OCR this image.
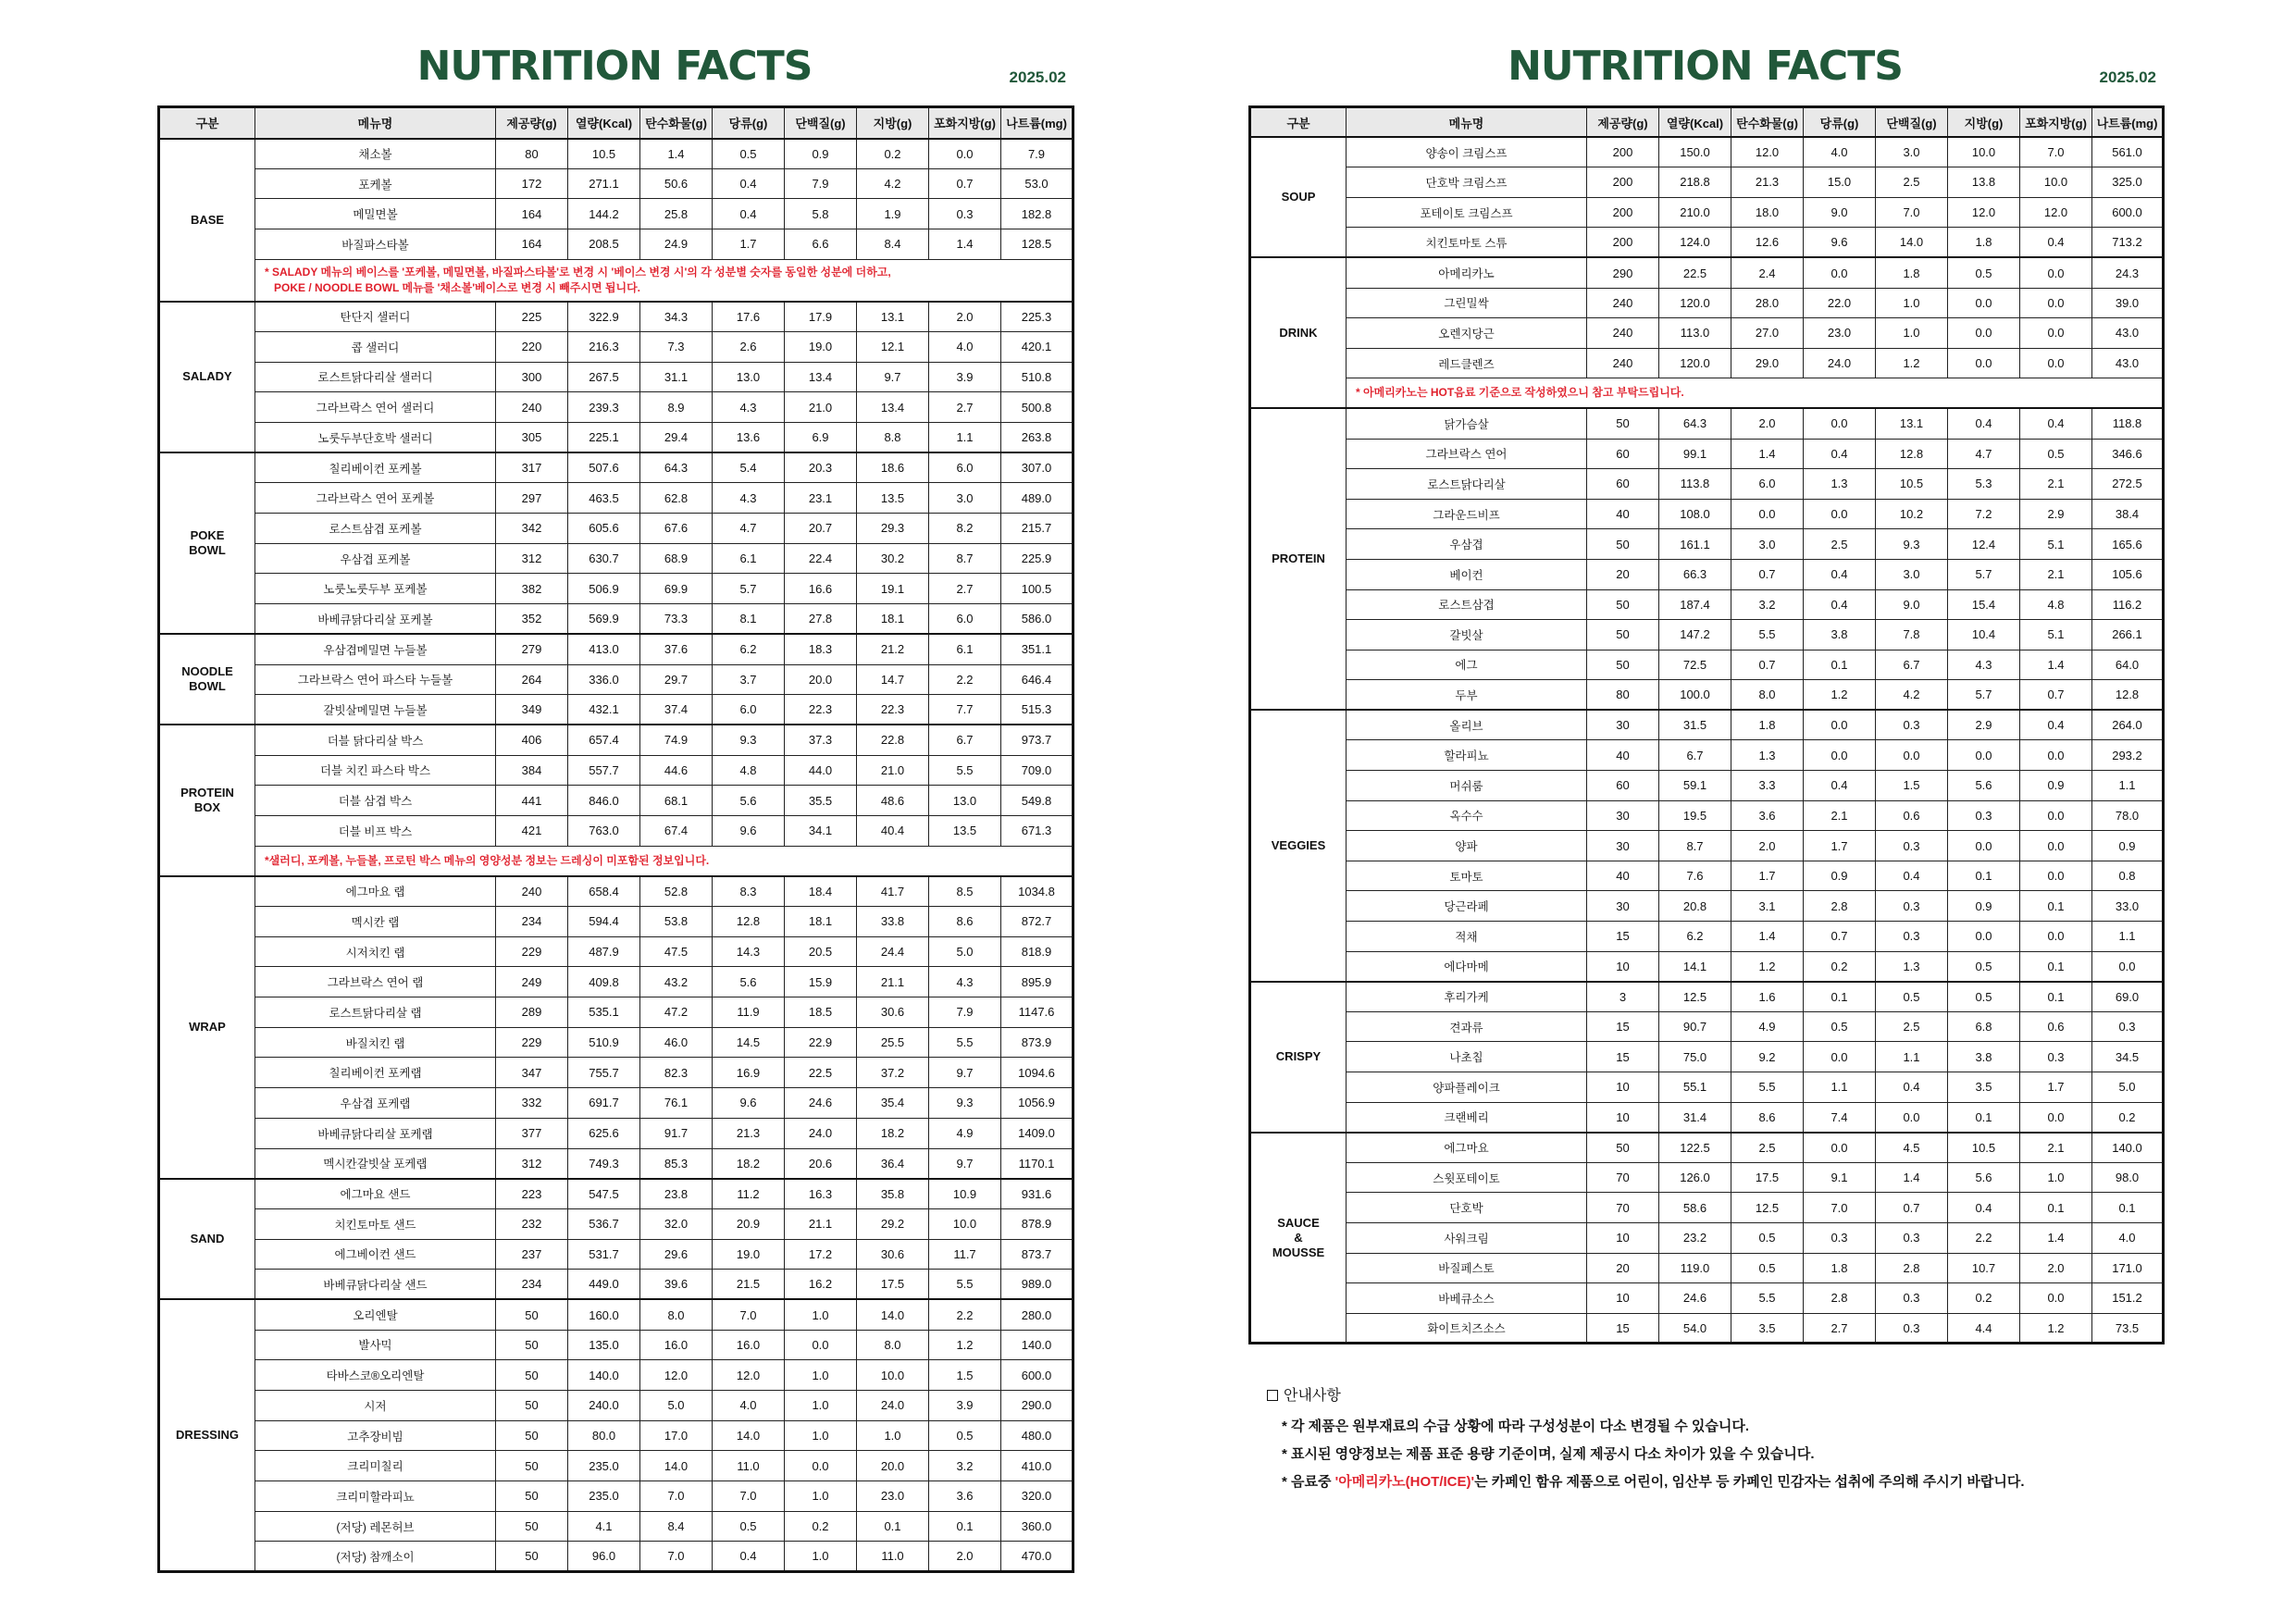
NUTRITION FACTS	2025.02
구분	메뉴명	제공량(g)	열량(Kcal)	탄수화물(g)	당류(g)	단백질(g)	지방(g)	포화지방(g)	나트륨(mg)
BASE	채소볼	80	10.5	1.4	0.5	0.9	0.2	0.0	7.9
	포케볼	172	271.1	50.6	0.4	7.9	4.2	0.7	53.0
	메밀면볼	164	144.2	25.8	0.4	5.8	1.9	0.3	182.8
	바질파스타볼	164	208.5	24.9	1.7	6.6	8.4	1.4	128.5
	* SALADY 메뉴의 베이스를 '포케볼, 메밀면볼, 바질파스타볼'로 변경 시 '베이스 변경 시'의 각 성분별 숫자를 동일한 성분에 더하고,
POKE / NOODLE BOWL 메뉴를 '채소볼'베이스로 변경 시 빼주시면 됩니다.								
SALADY	탄단지 샐러디	225	322.9	34.3	17.6	17.9	13.1	2.0	225.3
	콥 샐러디	220	216.3	7.3	2.6	19.0	12.1	4.0	420.1
	로스트닭다리살 샐러디	300	267.5	31.1	13.0	13.4	9.7	3.9	510.8
	그라브락스 연어 샐러디	240	239.3	8.9	4.3	21.0	13.4	2.7	500.8
	노룻두부단호박 샐러디	305	225.1	29.4	13.6	6.9	8.8	1.1	263.8
POKE
BOWL	칠리베이컨 포케볼	317	507.6	64.3	5.4	20.3	18.6	6.0	307.0
	그라브락스 연어 포케볼	297	463.5	62.8	4.3	23.1	13.5	3.0	489.0
	로스트삼겹 포케볼	342	605.6	67.6	4.7	20.7	29.3	8.2	215.7
	우삼겹 포케볼	312	630.7	68.9	6.1	22.4	30.2	8.7	225.9
	노룻노룻두부 포케볼	382	506.9	69.9	5.7	16.6	19.1	2.7	100.5
	바베큐닭다리살 포케볼	352	569.9	73.3	8.1	27.8	18.1	6.0	586.0
NOODLE
BOWL	우삼겹메밀면 누들볼	279	413.0	37.6	6.2	18.3	21.2	6.1	351.1
	그라브락스 연어 파스타 누들볼	264	336.0	29.7	3.7	20.0	14.7	2.2	646.4
	갈빗살메밀면 누들볼	349	432.1	37.4	6.0	22.3	22.3	7.7	515.3
PROTEIN
BOX	더블 닭다리살 박스	406	657.4	74.9	9.3	37.3	22.8	6.7	973.7
	더블 치킨 파스타 박스	384	557.7	44.6	4.8	44.0	21.0	5.5	709.0
	더블 삼겹 박스	441	846.0	68.1	5.6	35.5	48.6	13.0	549.8
	더블 비프 박스	421	763.0	67.4	9.6	34.1	40.4	13.5	671.3
	*샐러디, 포케볼, 누들볼, 프로틴 박스 메뉴의 영양성분 정보는 드레싱이 미포함된 정보입니다.								
WRAP	에그마요 랩	240	658.4	52.8	8.3	18.4	41.7	8.5	1034.8
	멕시칸 랩	234	594.4	53.8	12.8	18.1	33.8	8.6	872.7
	시저치킨 랩	229	487.9	47.5	14.3	20.5	24.4	5.0	818.9
	그라브락스 연어 랩	249	409.8	43.2	5.6	15.9	21.1	4.3	895.9
	로스트닭다리살 랩	289	535.1	47.2	11.9	18.5	30.6	7.9	1147.6
	바질치킨 랩	229	510.9	46.0	14.5	22.9	25.5	5.5	873.9
	칠리베이컨 포케랩	347	755.7	82.3	16.9	22.5	37.2	9.7	1094.6
	우삼겹 포케랩	332	691.7	76.1	9.6	24.6	35.4	9.3	1056.9
	바베큐닭다리살 포케랩	377	625.6	91.7	21.3	24.0	18.2	4.9	1409.0
	멕시칸갈빗살 포케랩	312	749.3	85.3	18.2	20.6	36.4	9.7	1170.1
SAND	에그마요 샌드	223	547.5	23.8	11.2	16.3	35.8	10.9	931.6
	치킨토마토 샌드	232	536.7	32.0	20.9	21.1	29.2	10.0	878.9
	에그베이컨 샌드	237	531.7	29.6	19.0	17.2	30.6	11.7	873.7
	바베큐닭다리살 샌드	234	449.0	39.6	21.5	16.2	17.5	5.5	989.0
DRESSING	오리엔탈	50	160.0	8.0	7.0	1.0	14.0	2.2	280.0
	발사믹	50	135.0	16.0	16.0	0.0	8.0	1.2	140.0
	타바스코®오리엔탈	50	140.0	12.0	12.0	1.0	10.0	1.5	600.0
	시저	50	240.0	5.0	4.0	1.0	24.0	3.9	290.0
	고추장비빔	50	80.0	17.0	14.0	1.0	1.0	0.5	480.0
	크리미칠리	50	235.0	14.0	11.0	0.0	20.0	3.2	410.0
	크리미할라피뇨	50	235.0	7.0	7.0	1.0	23.0	3.6	320.0
	(저당) 레몬허브	50	4.1	8.4	0.5	0.2	0.1	0.1	360.0
	(저당) 참깨소이	50	96.0	7.0	0.4	1.0	11.0	2.0	470.0
NUTRITION FACTS	2025.02
구분	메뉴명	제공량(g)	열량(Kcal)	탄수화물(g)	당류(g)	단백질(g)	지방(g)	포화지방(g)	나트륨(mg)
SOUP	양송이 크림스프	200	150.0	12.0	4.0	3.0	10.0	7.0	561.0
	단호박 크림스프	200	218.8	21.3	15.0	2.5	13.8	10.0	325.0
	포테이토 크림스프	200	210.0	18.0	9.0	7.0	12.0	12.0	600.0
	치킨토마토 스튜	200	124.0	12.6	9.6	14.0	1.8	0.4	713.2
DRINK	아메리카노	290	22.5	2.4	0.0	1.8	0.5	0.0	24.3
	그린밀싹	240	120.0	28.0	22.0	1.0	0.0	0.0	39.0
	오렌지당근	240	113.0	27.0	23.0	1.0	0.0	0.0	43.0
	레드클렌즈	240	120.0	29.0	24.0	1.2	0.0	0.0	43.0
	* 아메리카노는 HOT음료 기준으로 작성하였으니 참고 부탁드립니다.								
PROTEIN	닭가슴살	50	64.3	2.0	0.0	13.1	0.4	0.4	118.8
	그라브락스 연어	60	99.1	1.4	0.4	12.8	4.7	0.5	346.6
	로스트닭다리살	60	113.8	6.0	1.3	10.5	5.3	2.1	272.5
	그라운드비프	40	108.0	0.0	0.0	10.2	7.2	2.9	38.4
	우삼겹	50	161.1	3.0	2.5	9.3	12.4	5.1	165.6
	베이컨	20	66.3	0.7	0.4	3.0	5.7	2.1	105.6
	로스트삼겹	50	187.4	3.2	0.4	9.0	15.4	4.8	116.2
	갈빗살	50	147.2	5.5	3.8	7.8	10.4	5.1	266.1
	에그	50	72.5	0.7	0.1	6.7	4.3	1.4	64.0
	두부	80	100.0	8.0	1.2	4.2	5.7	0.7	12.8
VEGGIES	올리브	30	31.5	1.8	0.0	0.3	2.9	0.4	264.0
	할라피뇨	40	6.7	1.3	0.0	0.0	0.0	0.0	293.2
	머쉬룸	60	59.1	3.3	0.4	1.5	5.6	0.9	1.1
	옥수수	30	19.5	3.6	2.1	0.6	0.3	0.0	78.0
	양파	30	8.7	2.0	1.7	0.3	0.0	0.0	0.9
	토마토	40	7.6	1.7	0.9	0.4	0.1	0.0	0.8
	당근라페	30	20.8	3.1	2.8	0.3	0.9	0.1	33.0
	적채	15	6.2	1.4	0.7	0.3	0.0	0.0	1.1
	에다마메	10	14.1	1.2	0.2	1.3	0.5	0.1	0.0
CRISPY	후리가케	3	12.5	1.6	0.1	0.5	0.5	0.1	69.0
	견과류	15	90.7	4.9	0.5	2.5	6.8	0.6	0.3
	나초칩	15	75.0	9.2	0.0	1.1	3.8	0.3	34.5
	양파플레이크	10	55.1	5.5	1.1	0.4	3.5	1.7	5.0
	크랜베리	10	31.4	8.6	7.4	0.0	0.1	0.0	0.2
SAUCE
&
MOUSSE	에그마요	50	122.5	2.5	0.0	4.5	10.5	2.1	140.0
	스윗포테이토	70	126.0	17.5	9.1	1.4	5.6	1.0	98.0
	단호박	70	58.6	12.5	7.0	0.7	0.4	0.1	0.1
	사워크림	10	23.2	0.5	0.3	0.3	2.2	1.4	4.0
	바질페스토	20	119.0	0.5	1.8	2.8	10.7	2.0	171.0
	바베큐소스	10	24.6	5.5	2.8	0.3	0.2	0.0	151.2
	화이트치즈소스	15	54.0	3.5	2.7	0.3	4.4	1.2	73.5
안내사항
* 각 제품은 원부재료의 수급 상황에 따라 구성성분이 다소 변경될 수 있습니다.
* 표시된 영양정보는 제품 표준 용량 기준이며, 실제 제공시 다소 차이가 있을 수 있습니다.
* 음료중 '아메리카노(HOT/ICE)'는 카페인 함유 제품으로 어린이, 임산부 등 카페인 민감자는 섭취에 주의해 주시기 바랍니다.
